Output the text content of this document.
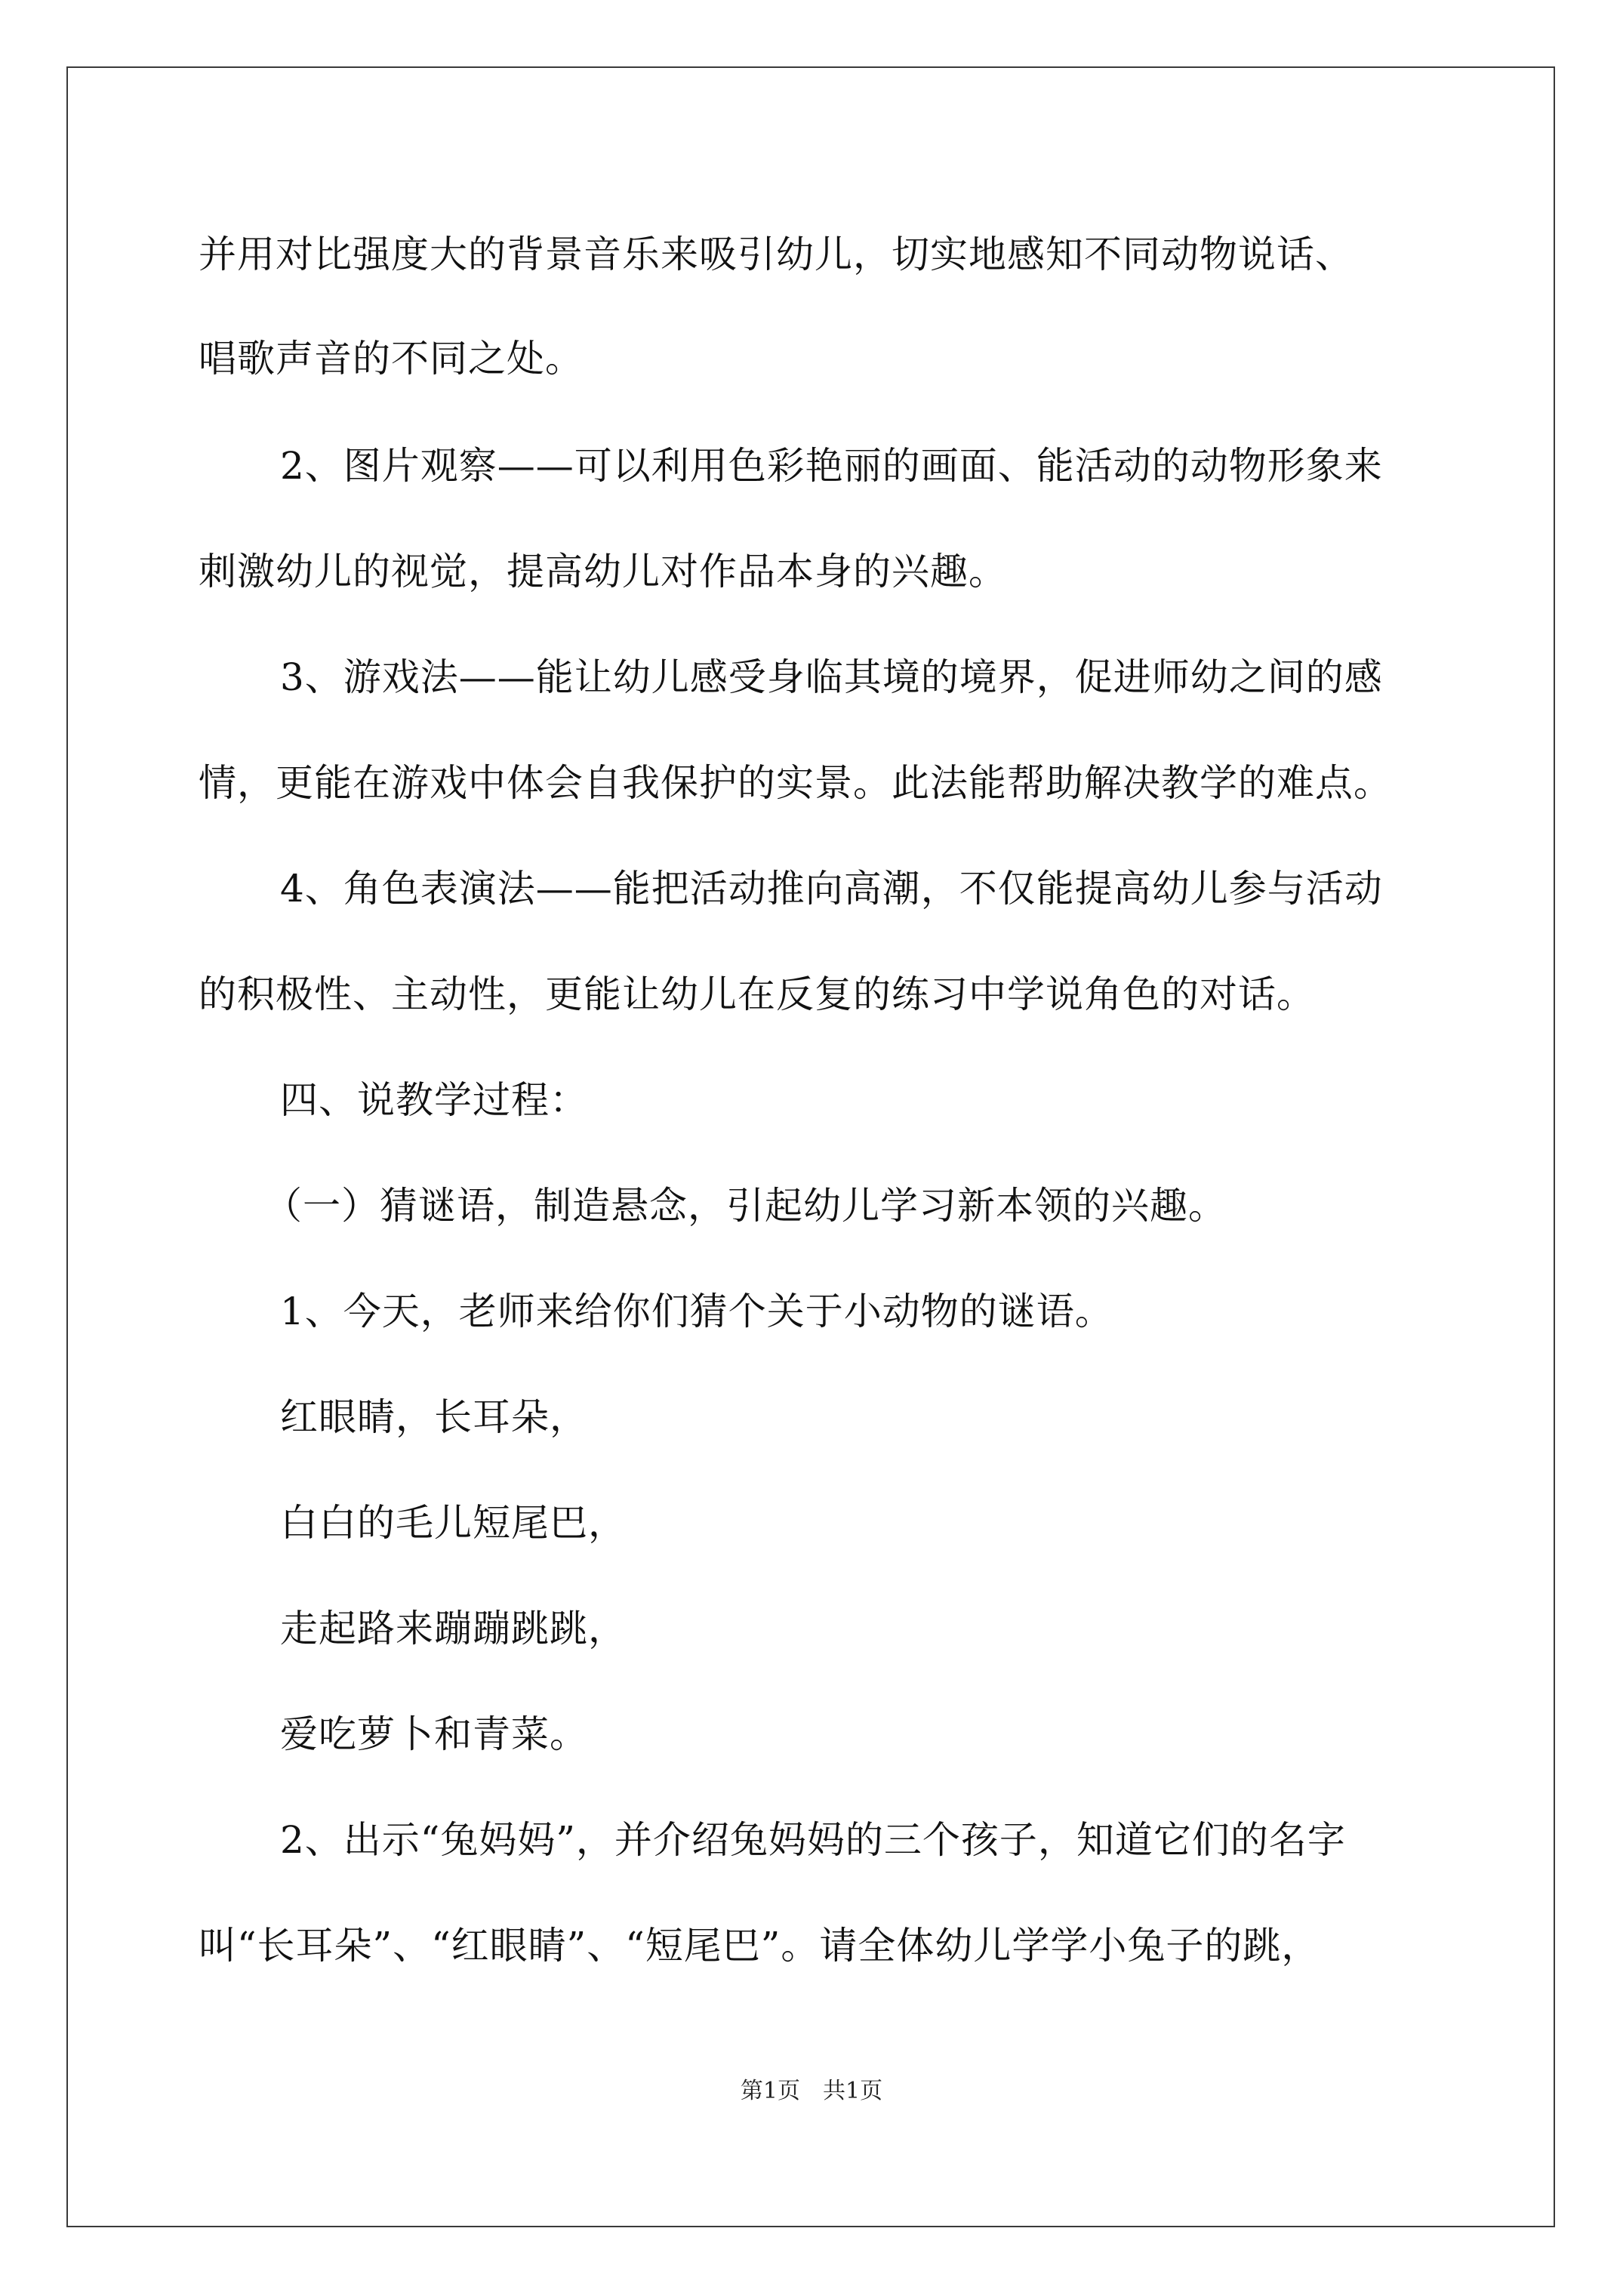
并用对比强度大的背景音乐来吸引幼儿，切实地感知不同动物说话、
唱歌声音的不同之处。
2、图片观察——可以利用色彩艳丽的画面、能活动的动物形象来
刺激幼儿的视觉，提高幼儿对作品本身的兴趣。
3、游戏法——能让幼儿感受身临其境的境界，促进师幼之间的感
情，更能在游戏中体会自我保护的实景。此法能帮助解决教学的难点。
4、角色表演法——能把活动推向高潮，不仅能提高幼儿参与活动
的积极性、主动性，更能让幼儿在反复的练习中学说角色的对话。
四、说教学过程：
（一）猜谜语，制造悬念，引起幼儿学习新本领的兴趣。
1、今天，老师来给你们猜个关于小动物的谜语。
红眼睛，长耳朵，
白白的毛儿短尾巴，
走起路来蹦蹦跳跳，
爱吃萝卜和青菜。
2、出示“兔妈妈”，并介绍兔妈妈的三个孩子，知道它们的名字
叫“长耳朵”、“红眼睛”、“短尾巴”。请全体幼儿学学小兔子的跳，
第1页　共1页
